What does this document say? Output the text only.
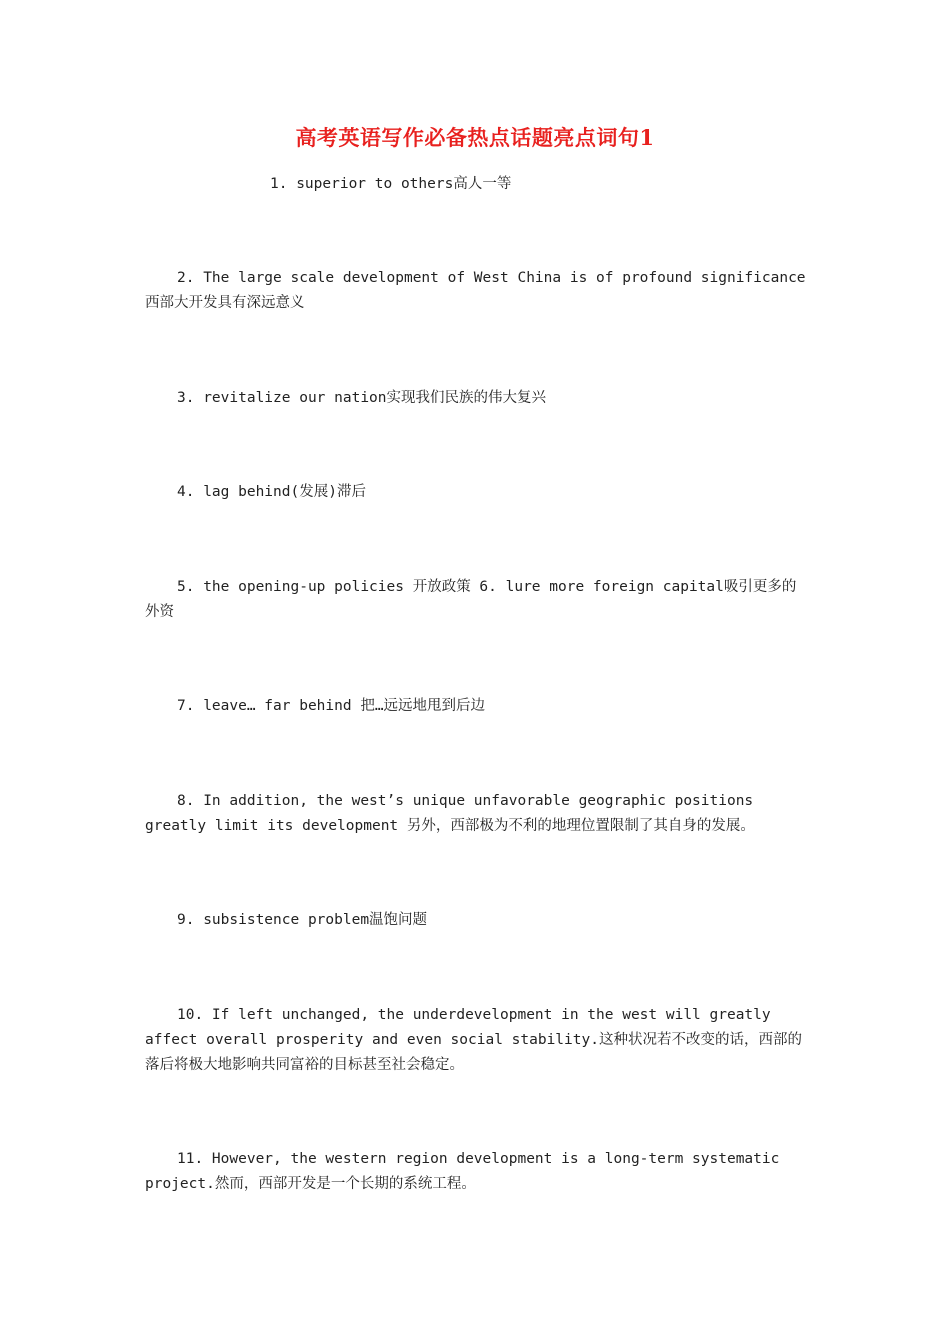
高考英语写作必备热点话题亮点词句1
1. superior to others高人一等
2. The large scale development of West China is of profound significance西部大开发具有深远意义
3. revitalize our nation实现我们民族的伟大复兴
4. lag behind(发展)滞后
5. the opening-up policies 开放政策 6. lure more foreign capital吸引更多的外资
7. leave… far behind 把…远远地甩到后边
8. In addition, the west’s unique unfavorable geographic positions greatly limit its development 另外，西部极为不利的地理位置限制了其自身的发展。
9. subsistence problem温饱问题
10. If left unchanged, the underdevelopment in the west will greatly affect overall prosperity and even social stability.这种状况若不改变的话，西部的落后将极大地影响共同富裕的目标甚至社会稳定。
11. However, the western region development is a long-term systematic project.然而，西部开发是一个长期的系统工程。
